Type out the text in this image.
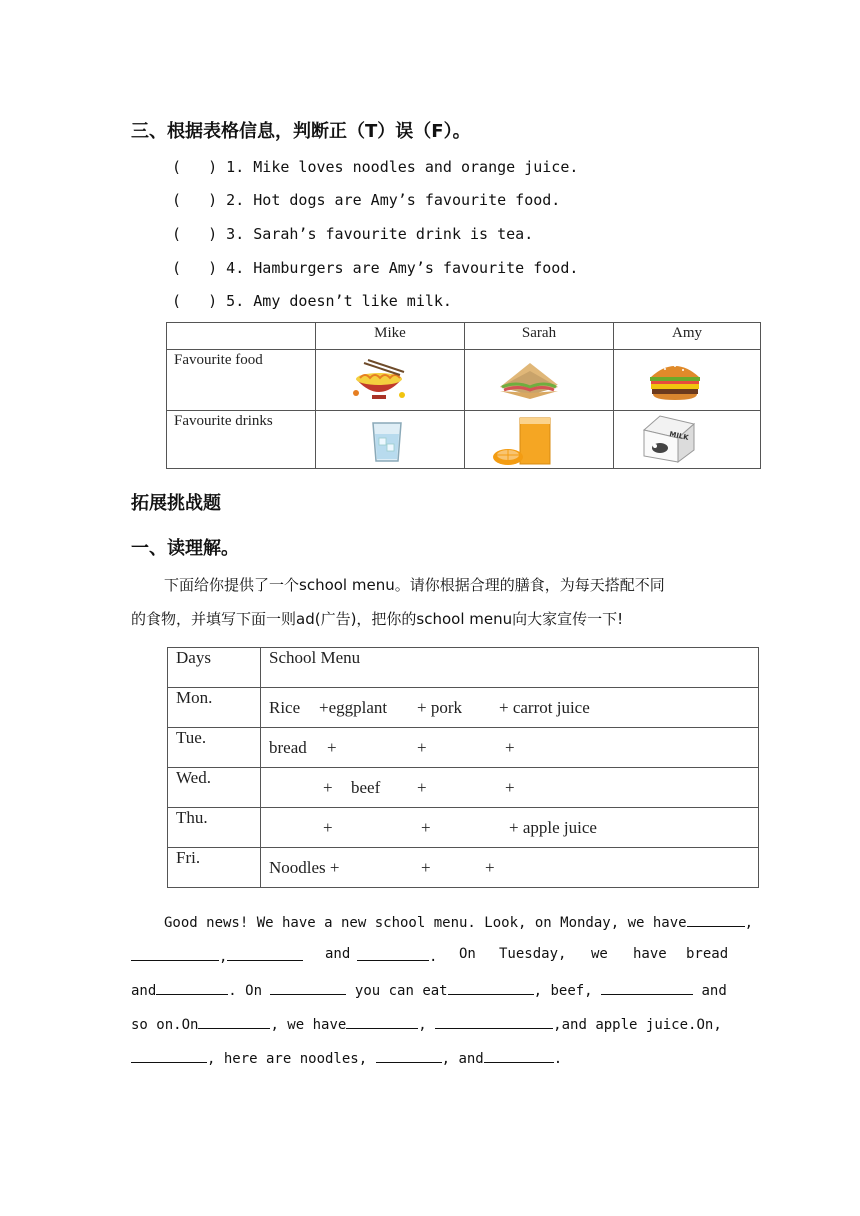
三、根据表格信息，判断正（T）误（F）。
(   ) 1. Mike loves noodles and orange juice.
(   ) 2. Hot dogs are Amy’s favourite food.
(   ) 3. Sarah’s favourite drink is tea.
(   ) 4. Hamburgers are Amy’s favourite food.
(   ) 5. Amy doesn’t like milk.

	Mike	Sarah	Amy

Favourite food			

Favourite drinks			

MILK
拓展挑战题
一、读理解。
下面给你提供了一个school menu。请你根据合理的膳食，为每天搭配不同
的食物，并填写下面一则ad(广告)，把你的school menu向大家宣传一下!
Days	School Menu
Mon.	Rice +eggplant + pork + carrot juice

Tue.	bread + + +

Wed.	+ beef + +

Thu.	+ + + apple juice

Fri.	Noodles + + +
Good news! We have a new school menu. Look, on Monday, we have	,
,	and	. On Tuesday, we have bread
and	. On	you can eat	, beef,	and
so on.On	, we have	,	,and apple juice.On,
, here are noodles,	, and	.
